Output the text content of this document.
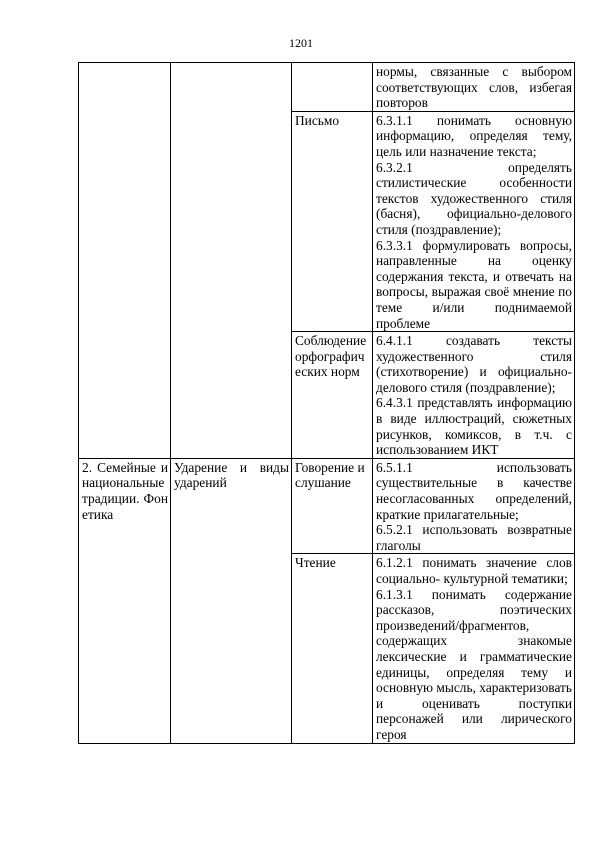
1201

			нормы, связанные с выбором соответствующих слов, избегая повторов

		Письмо	6.3.1.1 понимать основную информацию, определяя тему, цель или назначение текста;

6.3.2.1 определять стилистические особенности текстов художественного стиля (басня), официально-делового стиля (поздравление);

6.3.3.1 формулировать вопросы, направленные на оценку содержания текста, и отвечать на вопросы, выражая своё мнение по теме и/или поднимаемой проблеме

		Соблюдение орфографических норм	6.4.1.1 создавать тексты художественного стиля (стихотворение) и официально-делового стиля (поздравление);

6.4.3.1 представлять информацию в виде иллюстраций, сюжетных рисунков, комиксов, в т.ч. с использованием ИКТ

2. Семейные и национальные традиции. Фонетика	Ударение и виды ударений	Говорение и слушание	6.5.1.1 использовать существительные в качестве несогласованных определений, краткие прилагательные;

6.5.2.1 использовать возвратные глаголы

		Чтение	6.1.2.1 понимать значение слов социально- культурной тематики;

6.1.3.1 понимать содержание рассказов, поэтических произведений/фрагментов, содержащих знакомые лексические и грамматические единицы, определяя тему и основную мысль, характеризовать и оценивать поступки персонажей или лирического героя
